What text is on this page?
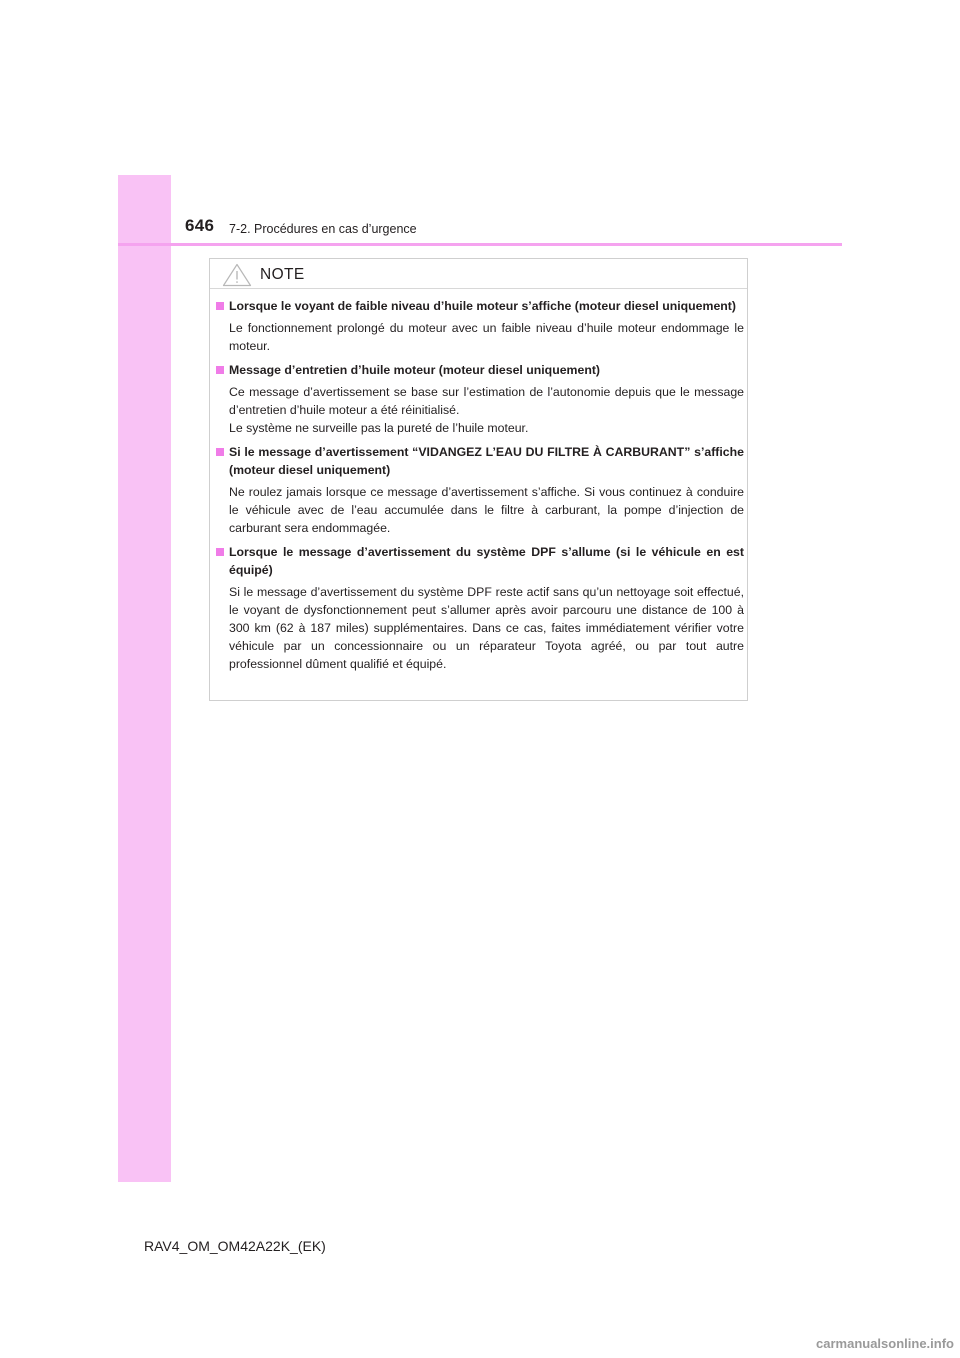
646 7-2. Procédures en cas d’urgence
NOTE
Lorsque le voyant de faible niveau d’huile moteur s’affiche (moteur diesel uniquement)

Le fonctionnement prolongé du moteur avec un faible niveau d’huile moteur endommage le moteur.

Message d’entretien d’huile moteur (moteur diesel uniquement)

Ce message d’avertissement se base sur l’estimation de l’autonomie depuis que le message d’entretien d’huile moteur a été réinitialisé.

Le système ne surveille pas la pureté de l’huile moteur.

Si le message d’avertissement “VIDANGEZ L’EAU DU FILTRE À CARBURANT” s’affiche (moteur diesel uniquement)

Ne roulez jamais lorsque ce message d’avertissement s’affiche. Si vous continuez à conduire le véhicule avec de l’eau accumulée dans le filtre à carburant, la pompe d’injection de carburant sera endommagée.

Lorsque le message d’avertissement du système DPF s’allume (si le véhicule en est équipé)

Si le message d’avertissement du système DPF reste actif sans qu’un nettoyage soit effectué, le voyant de dysfonctionnement peut s’allumer après avoir parcouru une distance de 100 à 300 km (62 à 187 miles) supplémentaires. Dans ce cas, faites immédiatement vérifier votre véhicule par un concessionnaire ou un réparateur Toyota agréé, ou par tout autre professionnel dûment qualifié et équipé.

RAV4_OM_OM42A22K_(EK)
carmanualsonline.info
